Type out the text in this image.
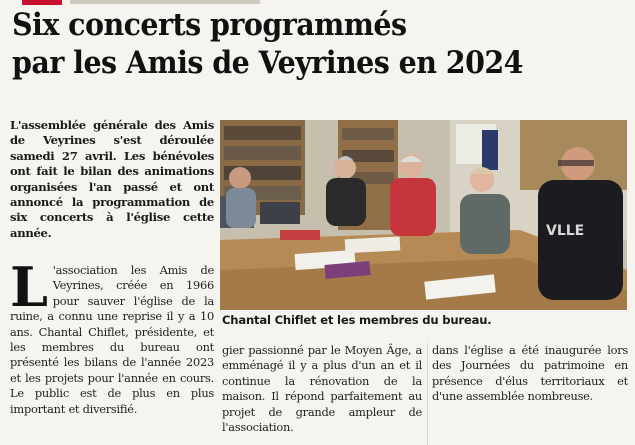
Six concerts programmés
par les Amis de Veyrines en 2024

L'assemblée générale des Amis de Veyrines s'est déroulée samedi 27 avril. Les bénévoles ont fait le bilan des animations organisées l'an passé et ont annoncé la programmation de six concerts à l'église cette année.	VLLE

Chantal Chiflet et les membres du bureau.

L 'association les Amis de Veyrines, créée en 1966 pour sauver l'église de la ruine, a connu une reprise il y a 10 ans. Chantal Chiflet, présidente, et les membres du bureau ont présenté les bilans de l'année 2023 et les projets pour l'année en cours. Le public est de plus en plus important et diversifié.

gier passionné par le Moyen Âge, a emménagé il y a plus d'un an et il continue la rénovation de la maison. Il répond parfaitement au projet de grande ampleur de l'association.

dans l'église a été inaugurée lors des Journées du patrimoine en présence d'élus territoriaux et d'une assemblée nombreuse.
